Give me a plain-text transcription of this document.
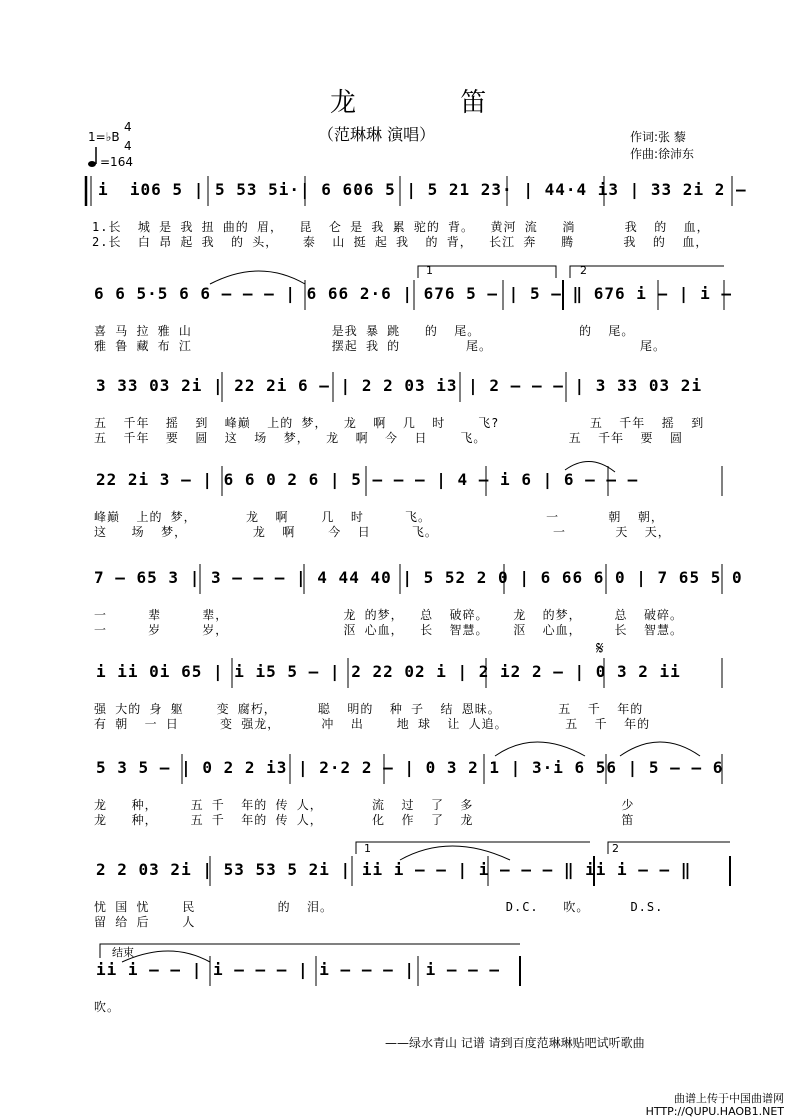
龙 笛
（范琳琳 演唱）	作词:张 藜
作曲:徐沛东
1=♭B
4
4
=164
i  i06 5 | 5 53 5i·| 6 606 5 | 5 21 23· | 44·4 i3 | 33 2i 2 —
1.长  城 是 我 扭 曲的 眉，  昆  仑 是 我 累 驼的 背。  黄河 流   淌      我  的  血，
2.长  白 昂 起 我  的 头，   泰  山 挺 起 我  的 背，  长江 奔   腾      我  的  血，
6 6 5·5 6 6 — — — | 6 66 2·6 | 676 5 — | 5 — ‖ 676 i — | i —
喜 马 拉 雅 山                 是我 暴 跳   的  尾。            的  尾。
雅 鲁 藏 布 江                 摆起 我 的        尾。                  尾。
1	2
3 33 03 2i | 22 2i 6 — | 2 2 03 i3 | 2 — — — | 3 33 03 2i
五  千年  摇  到  峰巅  上的 梦，  龙  啊  几  时    飞?           五  千年  摇  到
五  千年  要  圆  这  场  梦，  龙  啊  今  日    飞。          五  千年  要  圆
22 2i 3 — | 6 6 0 2 6 | 5 — — — | 4 — i 6 | 6 — — —
峰巅  上的 梦，      龙  啊    几  时     飞。              一      朝  朝，
这   场  梦，        龙  啊    今  日     飞。              一      天  天，
7 — 65 3 | 3 — — — | 4 44 40 | 5 52 2 0 | 6 66 6 0 | 7 65 5 0
一     辈     辈，              龙 的梦，  总  破碎。   龙  的梦，    总  破碎。
一     岁     岁，              沤 心血，  长  智慧。   沤  心血，    长  智慧。
i ii 0i 65 | i i5 5 — | 2 22 02 i | 2 i2 2 — | 0 3 2 ii
强 大的 身 躯    变 腐朽，     聪  明的  种 子  结 恩昧。       五  千  年的
有 朝  一 日     变 强龙，     冲  出    地 球  让 人追。       五  千  年的
𝄋
5 3 5 — | 0 2 2 i3 | 2·2 2 — | 0 3 2 1 | 3·i 6 56 | 5 — — 6
龙   种，    五 千  年的 传 人，      流  过  了  多                  少
龙   种，    五 千  年的 传 人，      化  作  了  龙                  笛
2 2 03 2i | 53 53 5 2i | ii i — — | i — — — ‖ ii i — — ‖
忧 国 忧    民          的  泪。                     D.C.   吹。     D.S.
留 给 后    人
1	2
ii i — — | i — — — | i — — — | i — — —
吹。
结束
——绿水青山 记谱 请到百度范琳琳贴吧试听歌曲
曲谱上传于中国曲谱网
HTTP://QUPU.HAOB1.NET
